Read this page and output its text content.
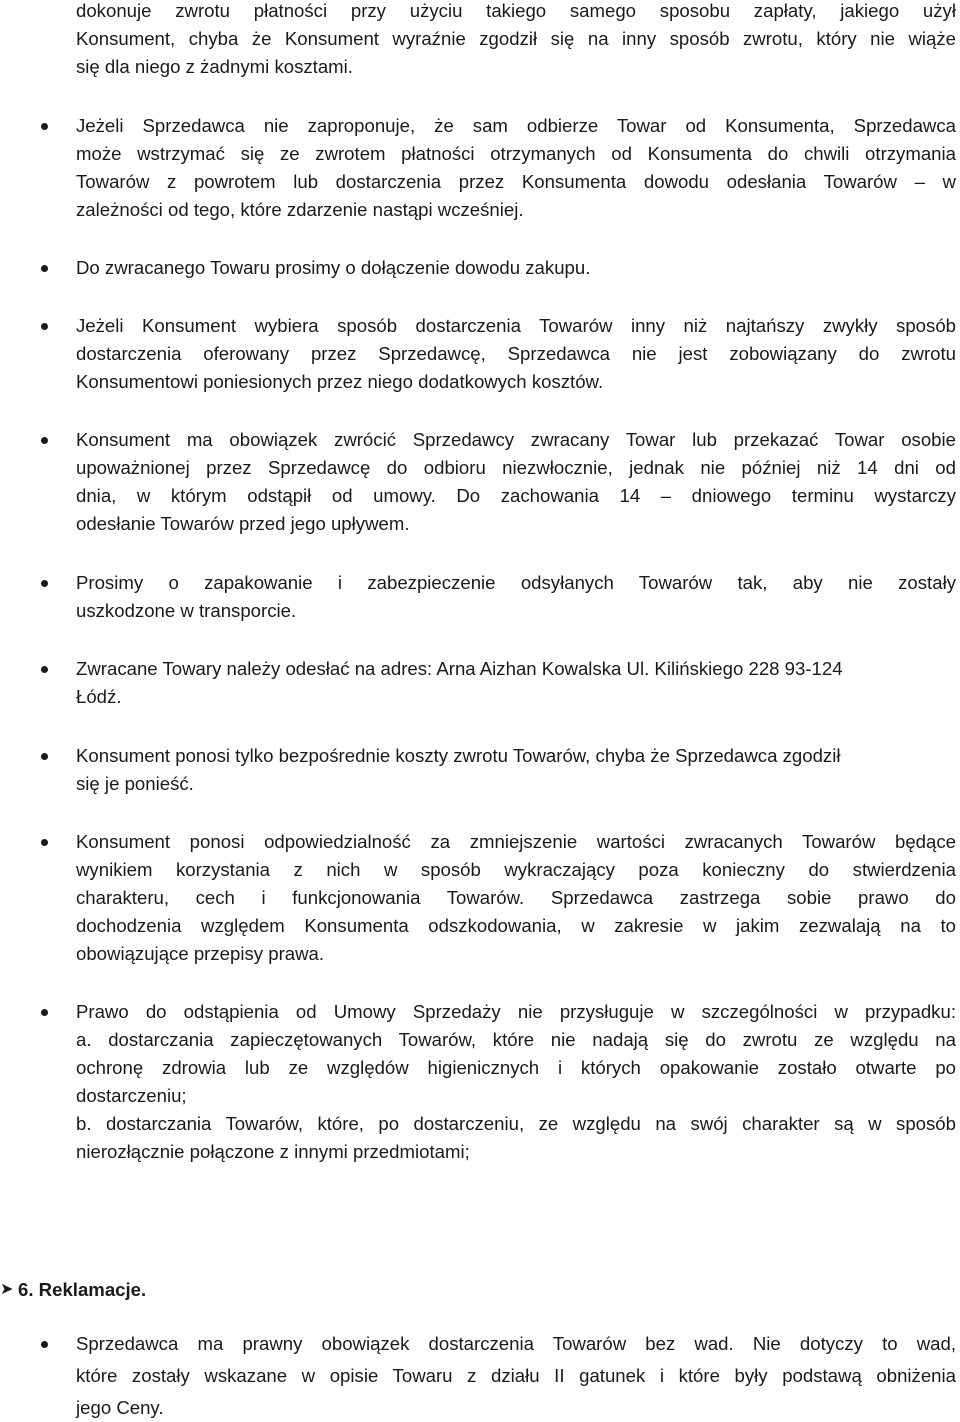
dokonuje zwrotu płatności przy użyciu takiego samego sposobu zapłaty, jakiego użył
Konsument, chyba że Konsument wyraźnie zgodził się na inny sposób zwrotu, który nie wiąże
się dla niego z żadnymi kosztami.
Jeżeli Sprzedawca nie zaproponuje, że sam odbierze Towar od Konsumenta, Sprzedawca
może wstrzymać się ze zwrotem płatności otrzymanych od Konsumenta do chwili otrzymania
Towarów z powrotem lub dostarczenia przez Konsumenta dowodu odesłania Towarów – w
zależności od tego, które zdarzenie nastąpi wcześniej.
Do zwracanego Towaru prosimy o dołączenie dowodu zakupu.
Jeżeli Konsument wybiera sposób dostarczenia Towarów inny niż najtańszy zwykły sposób
dostarczenia oferowany przez Sprzedawcę, Sprzedawca nie jest zobowiązany do zwrotu
Konsumentowi poniesionych przez niego dodatkowych kosztów.
Konsument ma obowiązek zwrócić Sprzedawcy zwracany Towar lub przekazać Towar osobie
upoważnionej przez Sprzedawcę do odbioru niezwłocznie, jednak nie później niż 14 dni od
dnia, w którym odstąpił od umowy. Do zachowania 14 – dniowego terminu wystarczy
odesłanie Towarów przed jego upływem.
Prosimy o zapakowanie i zabezpieczenie odsyłanych Towarów tak, aby nie zostały
uszkodzone w transporcie.
Zwracane Towary należy odesłać na adres: Arna Aizhan Kowalska Ul. Kilińskiego 228 93-124
Łódź.
Konsument ponosi tylko bezpośrednie koszty zwrotu Towarów, chyba że Sprzedawca zgodził
się je ponieść.
Konsument ponosi odpowiedzialność za zmniejszenie wartości zwracanych Towarów będące
wynikiem korzystania z nich w sposób wykraczający poza konieczny do stwierdzenia
charakteru, cech i funkcjonowania Towarów. Sprzedawca zastrzega sobie prawo do
dochodzenia względem Konsumenta odszkodowania, w zakresie w jakim zezwalają na to
obowiązujące przepisy prawa.
Prawo do odstąpienia od Umowy Sprzedaży nie przysługuje w szczególności w przypadku:
a. dostarczania zapieczętowanych Towarów, które nie nadają się do zwrotu ze względu na
ochronę zdrowia lub ze względów higienicznych i których opakowanie zostało otwarte po
dostarczeniu;
b. dostarczania Towarów, które, po dostarczeniu, ze względu na swój charakter są w sposób
nierozłącznie połączone z innymi przedmiotami;
➤ 6. Reklamacje.
Sprzedawca ma prawny obowiązek dostarczenia Towarów bez wad. Nie dotyczy to wad,
które zostały wskazane w opisie Towaru z działu II gatunek i które były podstawą obniżenia
jego Ceny.
